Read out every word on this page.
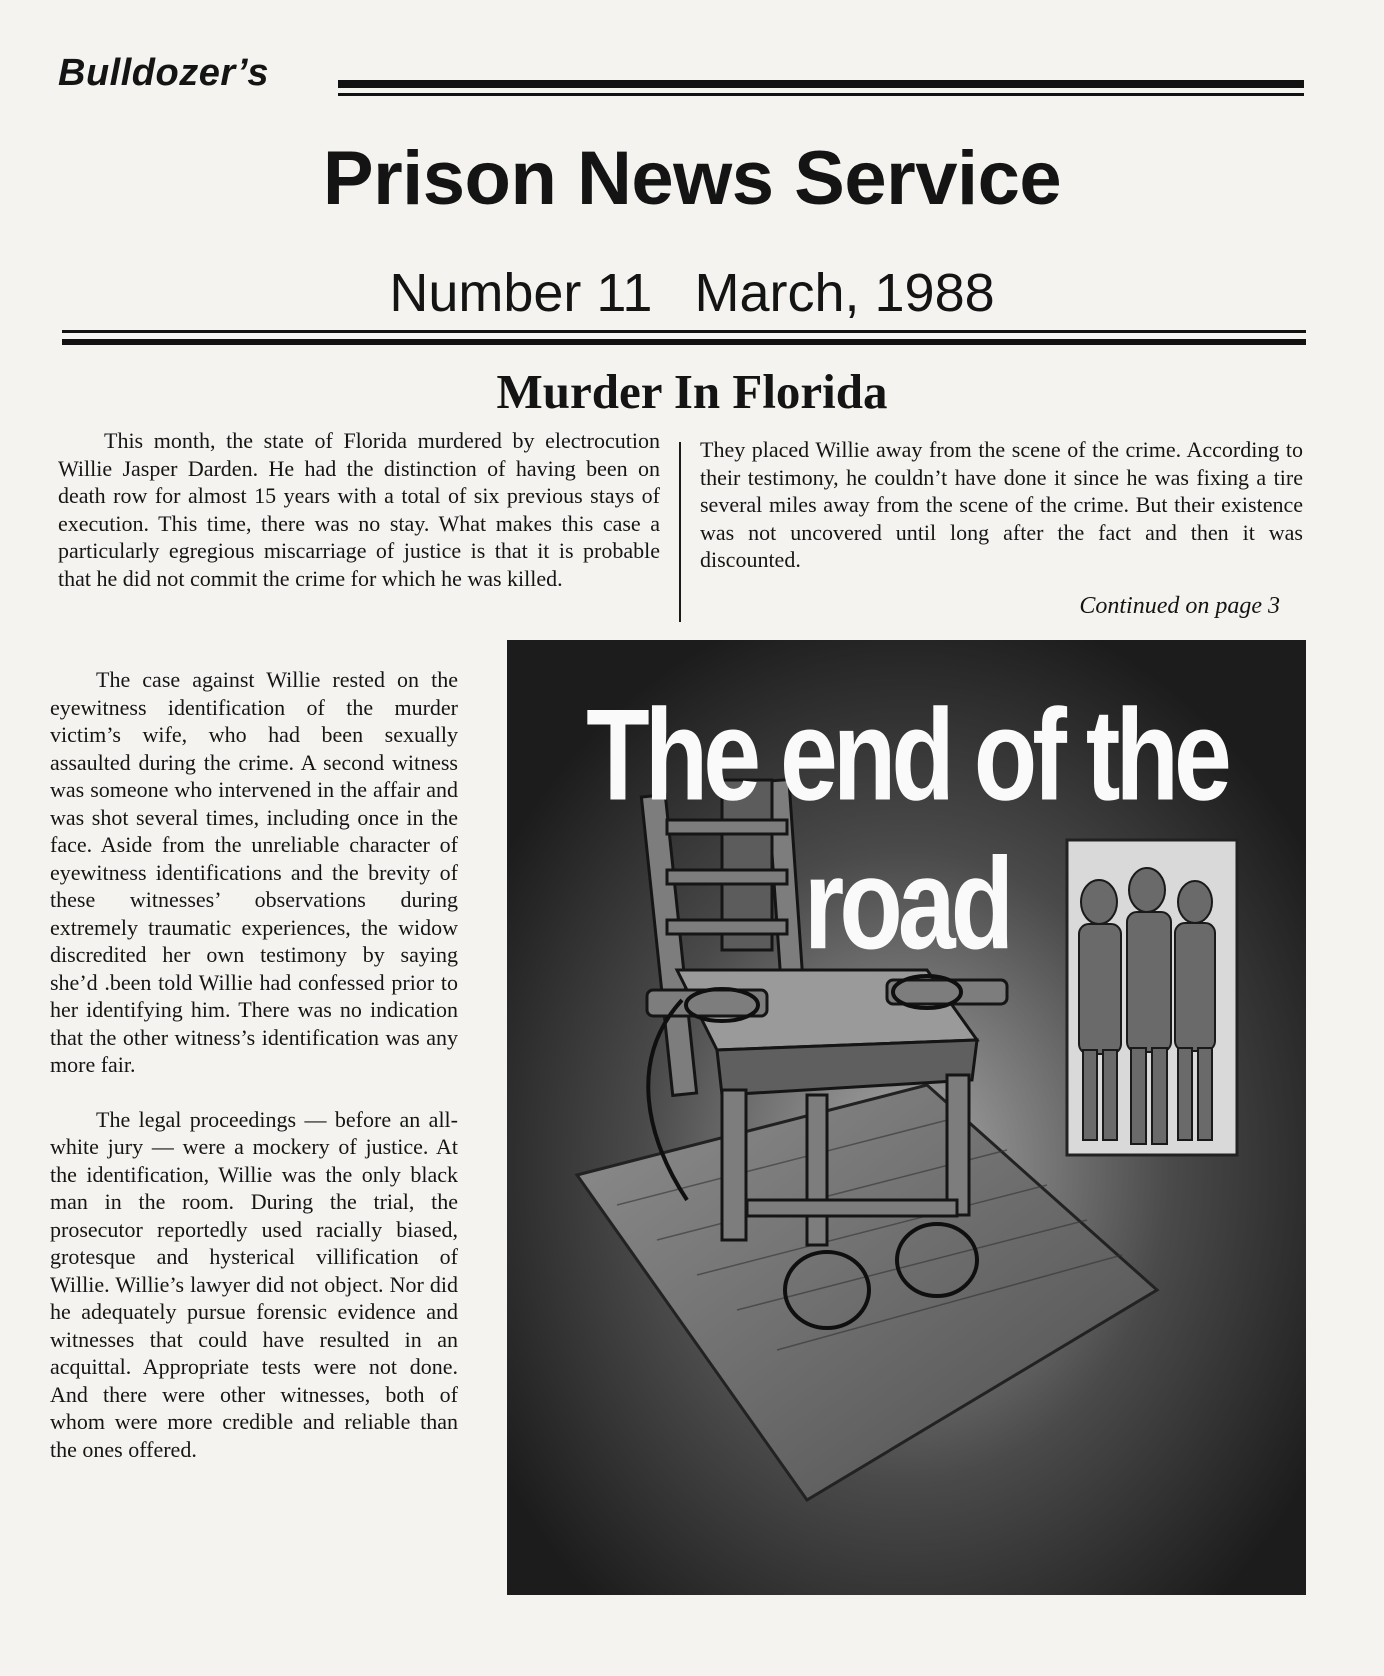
Bulldozer’s
Prison News Service
Number 11 March, 1988
Murder In Florida

This month, the state of Florida murdered by electrocution Willie Jasper Darden. He had the distinction of having been on death row for almost 15 years with a total of six previous stays of execution. This time, there was no stay. What makes this case a particularly egregious miscarriage of justice is that it is probable that he did not commit the crime for which he was killed.

They placed Willie away from the scene of the crime. According to their testimony, he couldn’t have done it since he was fixing a tire several miles away from the scene of the crime. But their existence was not uncovered until long after the fact and then it was discounted.

Continued on page 3

The case against Willie rested on the eyewitness identification of the murder victim’s wife, who had been sexually assaulted during the crime. A second witness was someone who intervened in the affair and was shot several times, including once in the face. Aside from the unreliable character of eyewitness identifications and the brevity of these witnesses’ observations during extremely traumatic experiences, the widow discredited her own testimony by saying she’d .been told Willie had confessed prior to her identifying him. There was no indication that the other witness’s identification was any more fair.

The legal proceedings — before an all-white jury — were a mockery of justice. At the identification, Willie was the only black man in the room. During the trial, the prosecutor reportedly used racially biased, grotesque and hysterical villification of Willie. Willie’s lawyer did not object. Nor did he adequately pursue forensic evidence and witnesses that could have resulted in an acquittal. Appropriate tests were not done. And there were other witnesses, both of whom were more credible and reliable than the ones offered.

The end of the road
